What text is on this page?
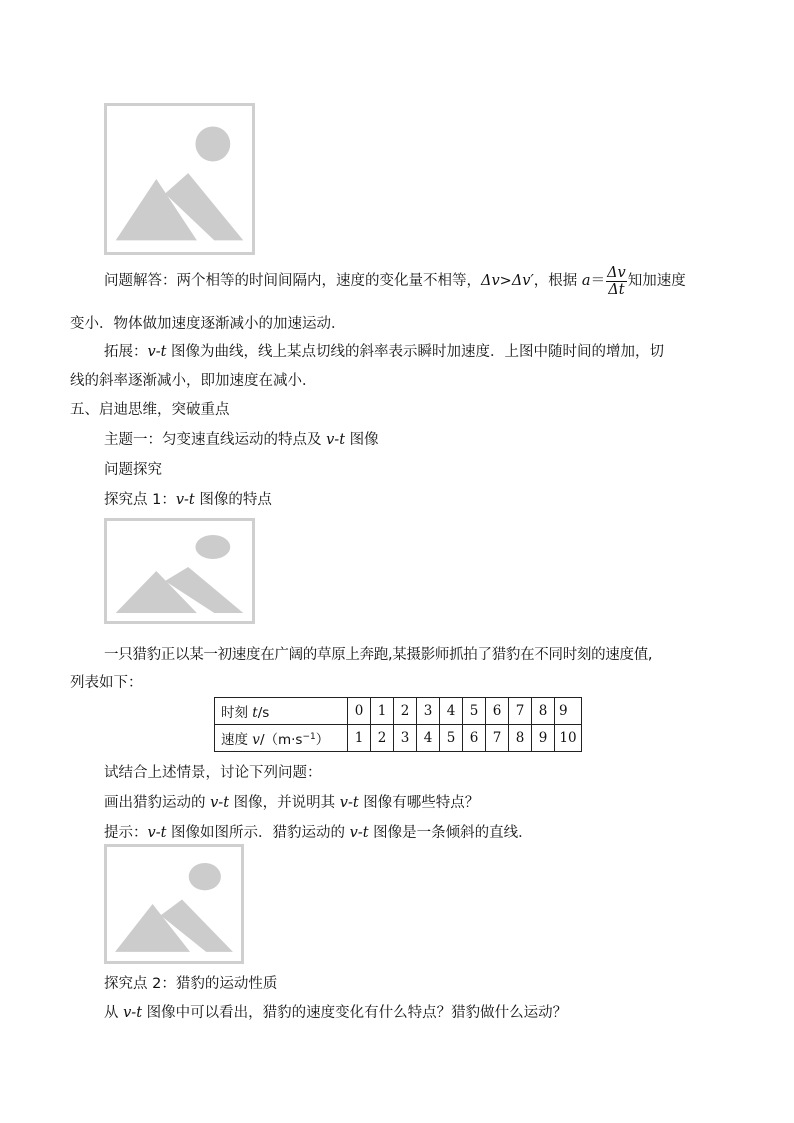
问题解答：两个相等的时间间隔内，速度的变化量不相等，Δv>Δv′，根据 $a= \frac{\Delta v}{\Delta t}$ 知加速度
变小．物体做加速度逐渐减小的加速运动．
拓展：v-t 图像为曲线，线上某点切线的斜率表示瞬时加速度．上图中随时间的增加，切
线的斜率逐渐减小，即加速度在减小．
五、启迪思维，突破重点
主题一：匀变速直线运动的特点及 v-t 图像
问题探究
探究点 1：v-t 图像的特点
一只猎豹正以某一初速度在广阔的草原上奔跑,某摄影师抓拍了猎豹在不同时刻的速度值,
列表如下：
时刻 t/s	0	1	2	3	4	5	6	7	8	9
速度 $v/(m\cdot s^{-1})$	1	2	3	4	5	6	7	8	9	10
试结合上述情景，讨论下列问题：
画出猎豹运动的 v-t 图像，并说明其 v-t 图像有哪些特点？
提示：v-t 图像如图所示．猎豹运动的 v-t 图像是一条倾斜的直线．
探究点 2：猎豹的运动性质
从 v-t 图像中可以看出，猎豹的速度变化有什么特点？猎豹做什么运动？
